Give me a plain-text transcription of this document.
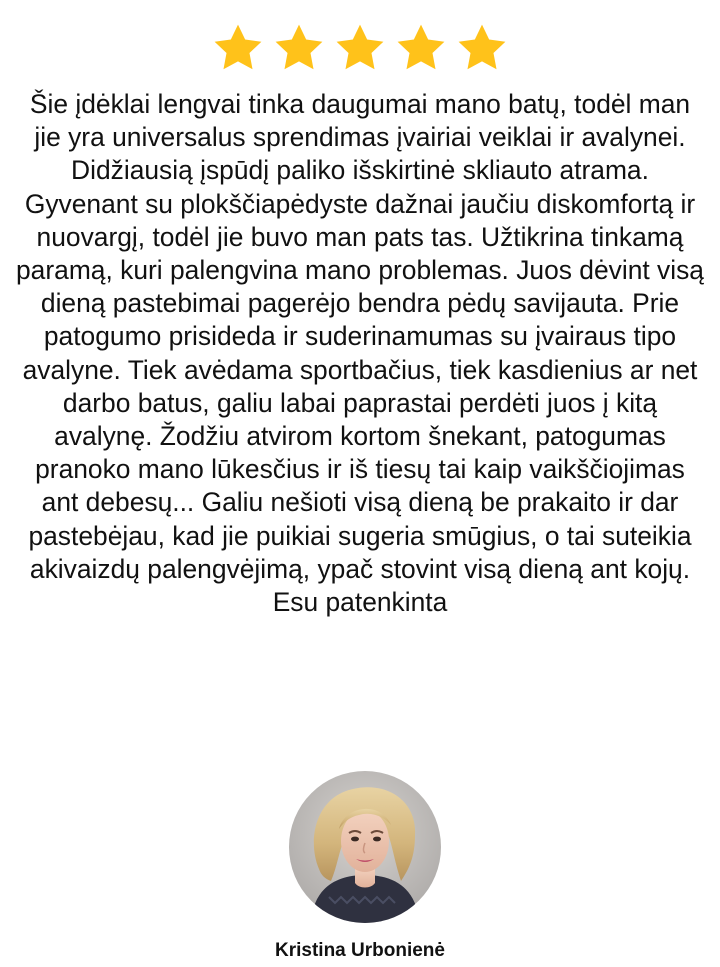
Šie įdėklai lengvai tinka daugumai mano batų, todėl man jie yra universalus sprendimas įvairiai veiklai ir avalynei. Didžiausią įspūdį paliko išskirtinė skliauto atrama. Gyvenant su plokščiapėdyste dažnai jaučiu diskomfortą ir nuovargį, todėl jie buvo man pats tas. Užtikrina tinkamą paramą, kuri palengvina mano problemas. Juos dėvint visą dieną pastebimai pagerėjo bendra pėdų savijauta. Prie patogumo prisideda ir suderinamumas su įvairaus tipo avalyne. Tiek avėdama sportbačius, tiek kasdienius ar net darbo batus, galiu labai paprastai perdėti juos į kitą avalynę. Žodžiu atvirom kortom šnekant, patogumas pranoko mano lūkesčius ir iš tiesų tai kaip vaikščiojimas ant debesų... Galiu nešioti visą dieną be prakaito ir dar pastebėjau, kad jie puikiai sugeria smūgius, o tai suteikia akivaizdų palengvėjimą, ypač stovint visą dieną ant kojų. Esu patenkinta

Kristina Urbonienė
